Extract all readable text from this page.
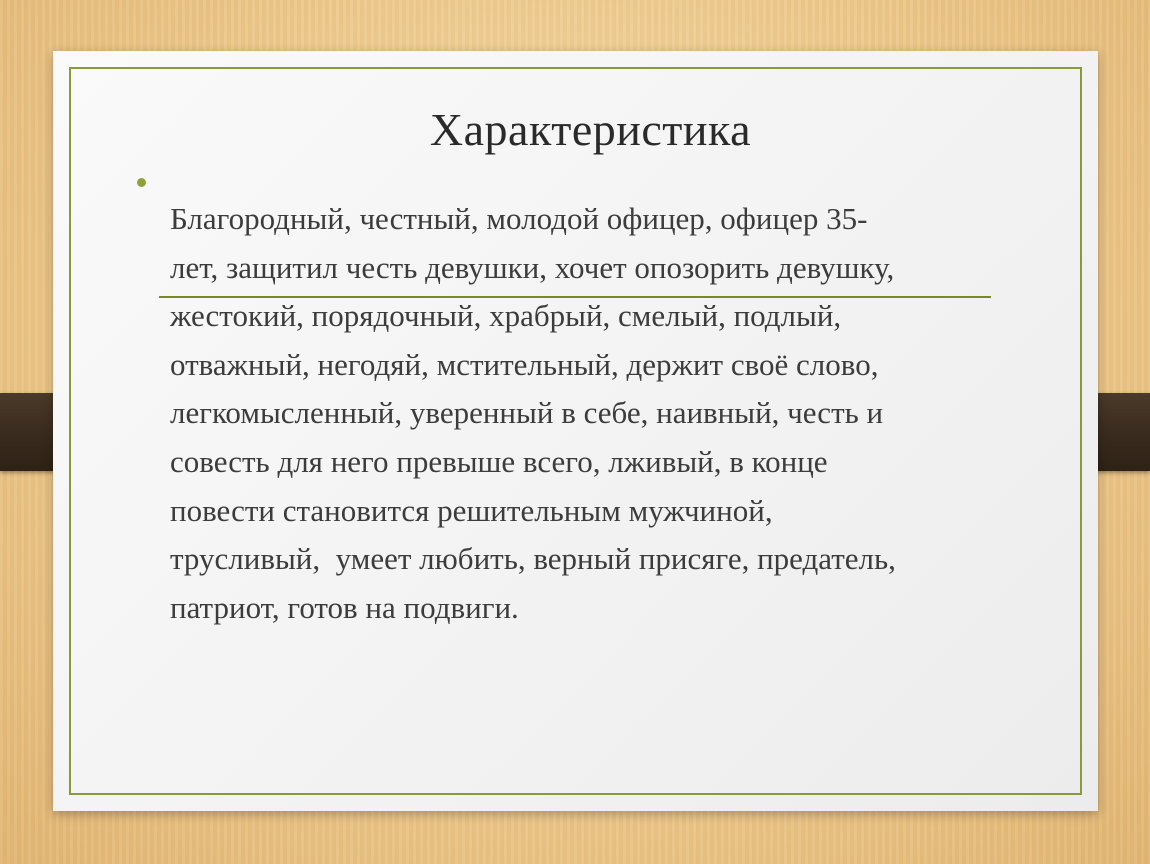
Характеристика
Благородный, честный, молодой офицер, офицер 35-
лет, защитил честь девушки, хочет опозорить девушку,
жестокий, порядочный, храбрый, смелый, подлый,
отважный, негодяй, мстительный, держит своё слово,
легкомысленный, уверенный в себе, наивный, честь и
совесть для него превыше всего, лживый, в конце
повести становится решительным мужчиной,
трусливый,  умеет любить, верный присяге, предатель,
патриот, готов на подвиги.
